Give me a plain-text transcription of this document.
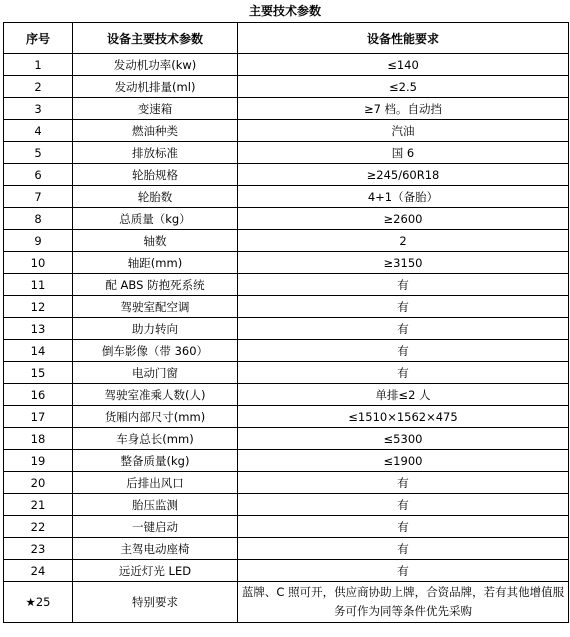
主要技术参数
序号	设备主要技术参数	设备性能要求
1	发动机功率(kw)	≤140
2	发动机排量(ml)	≤2.5
3	变速箱	≥7 档。自动挡
4	燃油种类	汽油
5	排放标准	国 6
6	轮胎规格	≥245/60R18
7	轮胎数	4+1（备胎）
8	总质量（kg）	≥2600
9	轴数	2
10	轴距(mm)	≥3150
11	配 ABS 防抱死系统	有
12	驾驶室配空调	有
13	助力转向	有
14	倒车影像（带 360）	有
15	电动门窗	有
16	驾驶室准乘人数(人)	单排≤2 人
17	货厢内部尺寸(mm)	≤1510×1562×475
18	车身总长(mm)	≤5300
19	整备质量(kg)	≤1900
20	后排出风口	有
21	胎压监测	有
22	一键启动	有
23	主驾电动座椅	有
24	远近灯光 LED	有
★25	特别要求	蓝牌、C 照可开，供应商协助上牌，合资品牌，若有其他增值服务可作为同等条件优先采购
